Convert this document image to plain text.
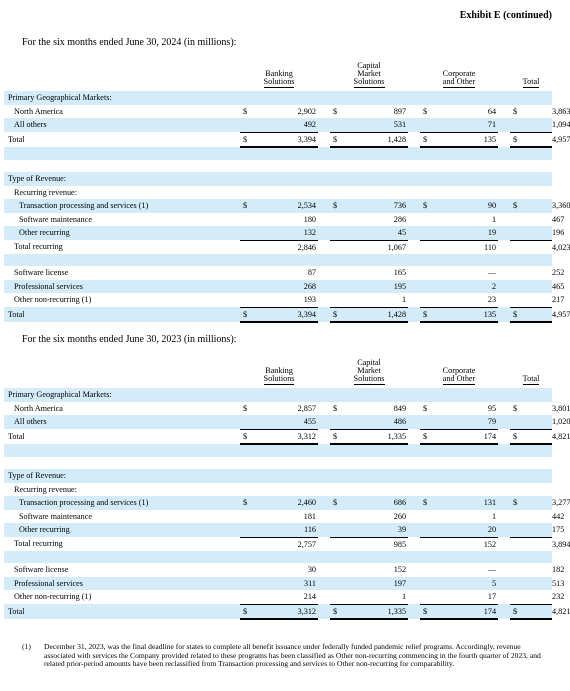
Exhibit E (continued)
For the six months ended June 30, 2024 (in millions):
	Banking
Solutions			Capital
Market
Solutions			Corporate
and Other			Total	
Primary Geographical Markets:											
North America	$	2,902		$	897		$	64		$	3,863
All others		492			531			71			1,094
Total	$	3,394		$	1,428		$	135		$	4,957

Type of Revenue:											
Recurring revenue:											
Transaction processing and services (1)	$	2,534		$	736		$	90		$	3,360
Software maintenance		180			286			1			467
Other recurring		132			45			19			196
Total recurring		2,846			1,067			110			4,023

Software license		87			165			—			252
Professional services		268			195			2			465
Other non-recurring (1)		193			1			23			217
Total	$	3,394		$	1,428		$	135		$	4,957
For the six months ended June 30, 2023 (in millions):
	Banking
Solutions			Capital
Market
Solutions			Corporate
and Other			Total	
Primary Geographical Markets:											
North America	$	2,857		$	849		$	95		$	3,801
All others		455			486			79			1,020
Total	$	3,312		$	1,335		$	174		$	4,821

Type of Revenue:											
Recurring revenue:											
Transaction processing and services (1)	$	2,460		$	686		$	131		$	3,277
Software maintenance		181			260			1			442
Other recurring		116			39			20			175
Total recurring		2,757			985			152			3,894

Software license		30			152			—			182
Professional services		311			197			5			513
Other non-recurring (1)		214			1			17			232
Total	$	3,312		$	1,335		$	174		$	4,821
(1) December 31, 2023, was the final deadline for states to complete all benefit issuance under federally funded pandemic relief programs. Accordingly, revenue associated with services the Company provided related to these programs has been classified as Other non-recurring commencing in the fourth quarter of 2023, and related prior-period amounts have been reclassified from Transaction processing and services to Other non-recurring for comparability.
